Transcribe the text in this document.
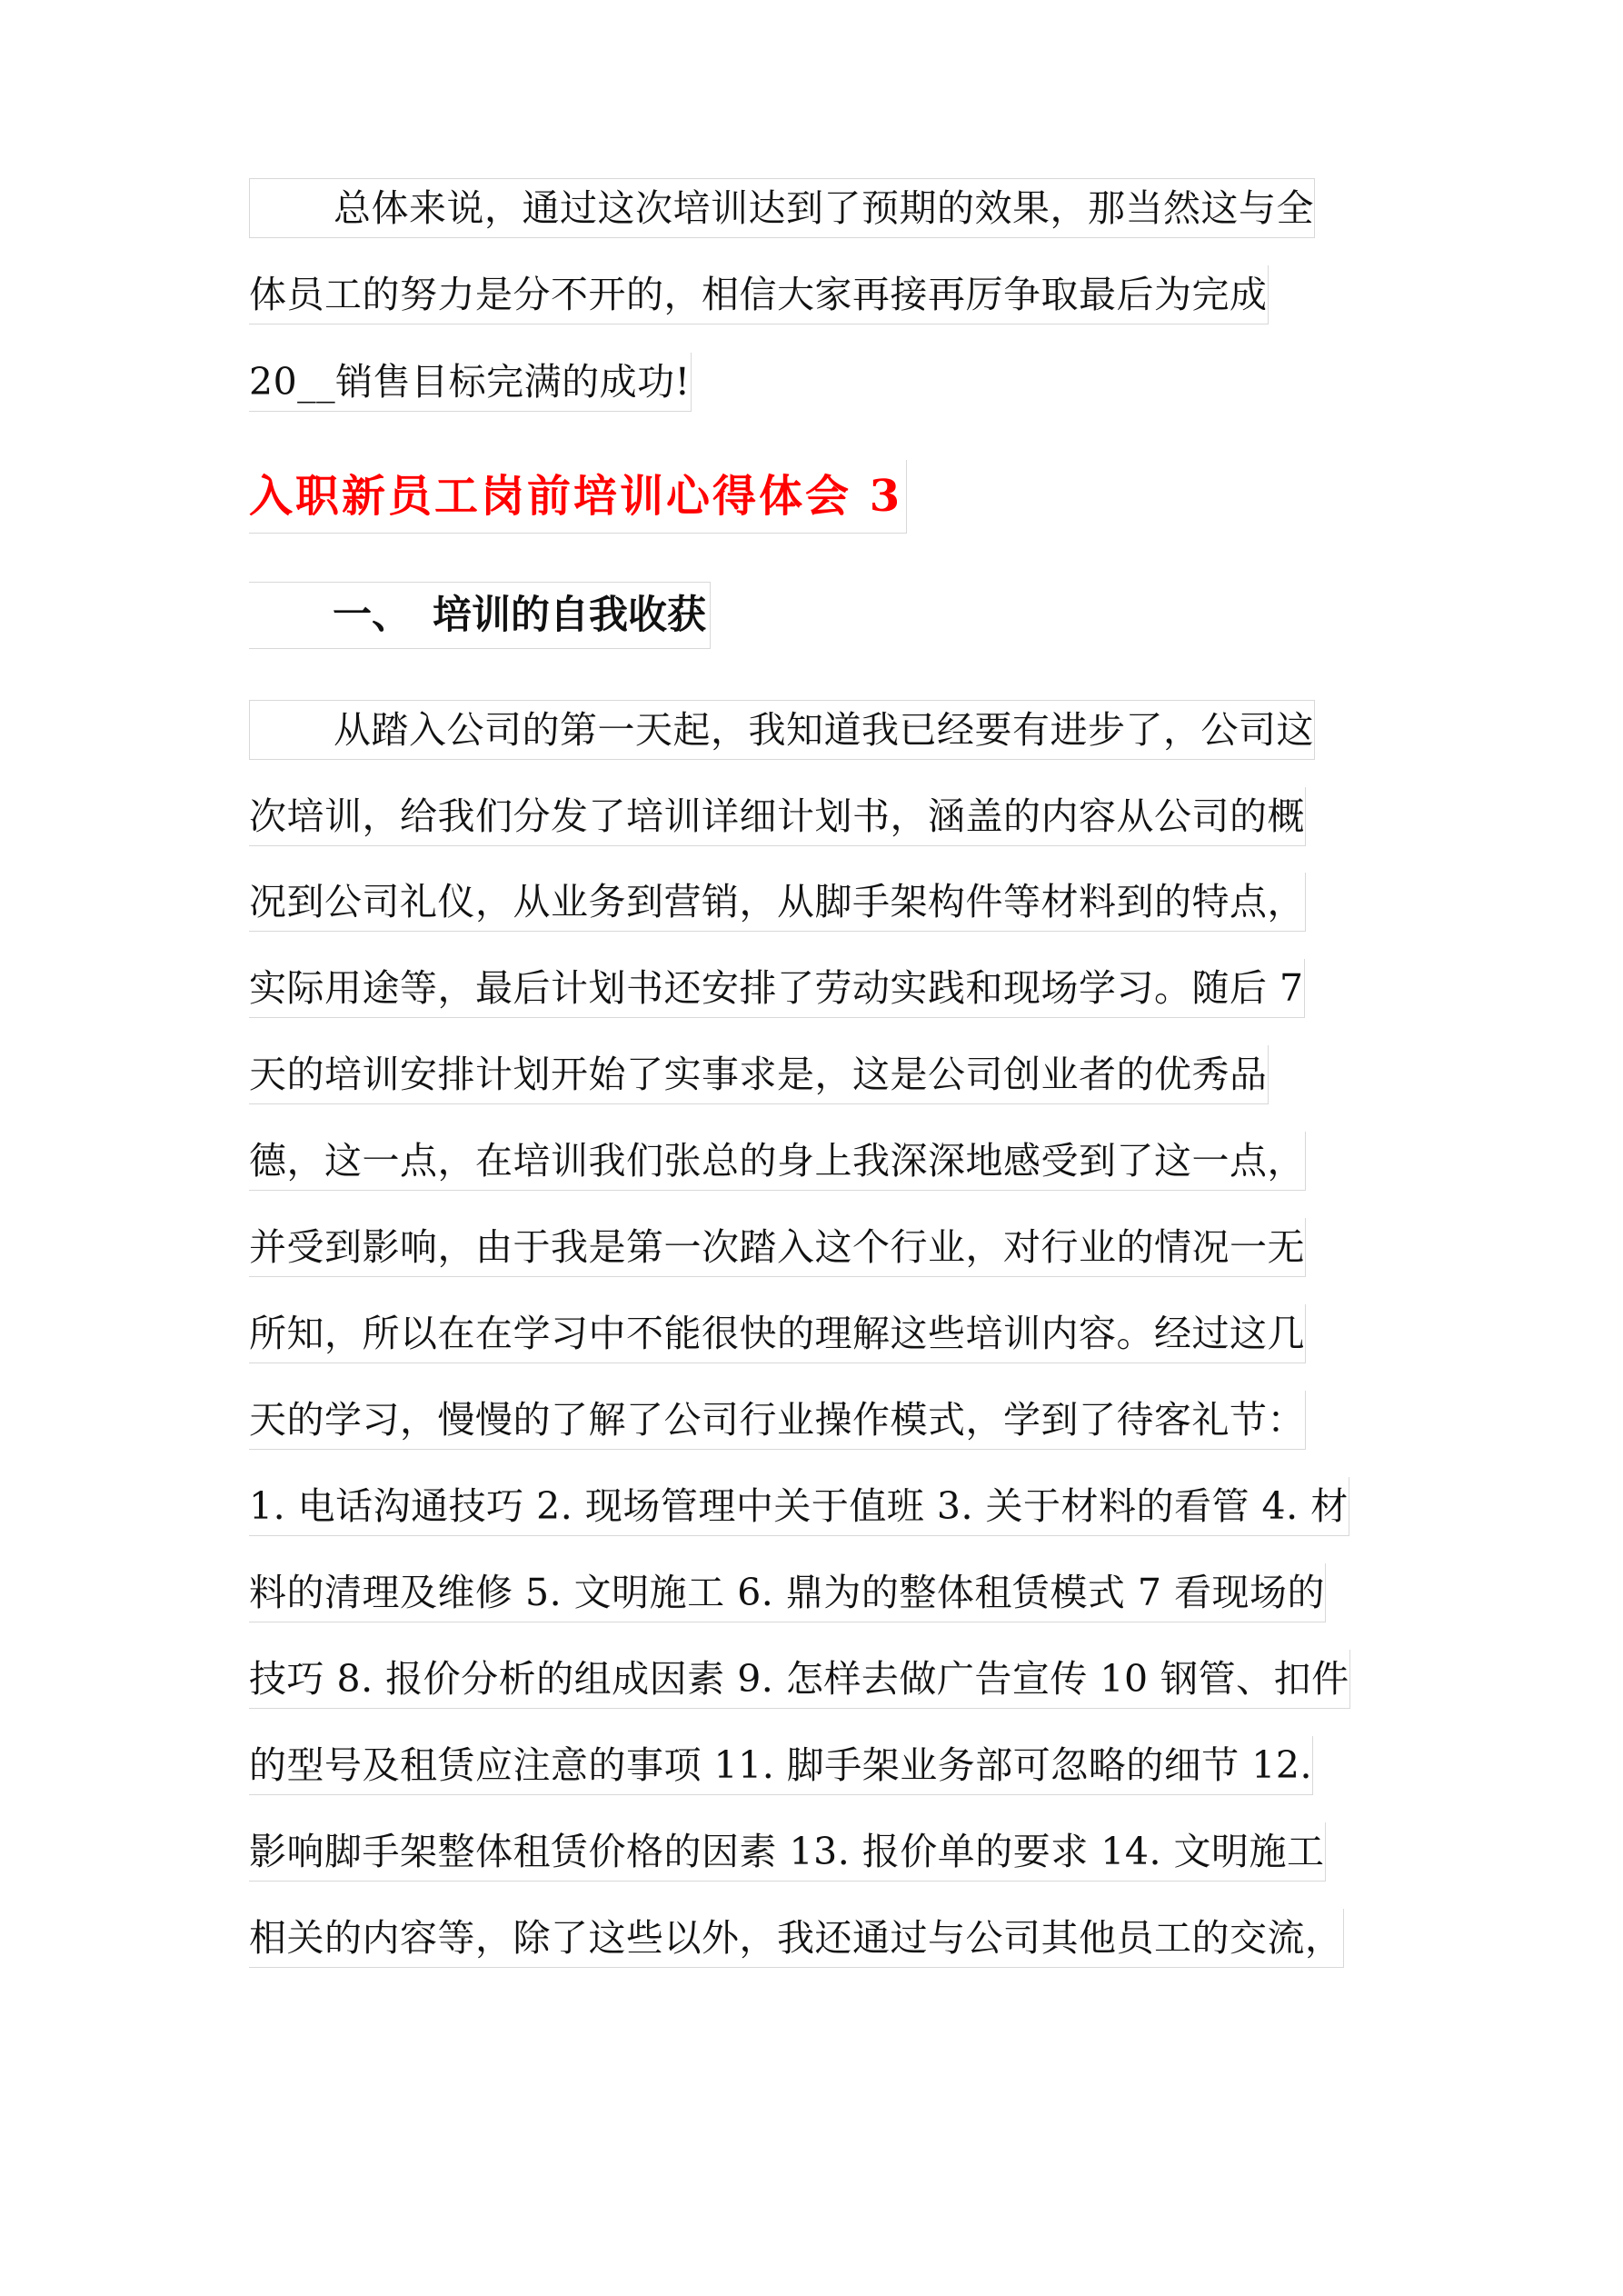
总体来说，通过这次培训达到了预期的效果，那当然这与全
体员工的努力是分不开的，相信大家再接再厉争取最后为完成
20__销售目标完满的成功!
入职新员工岗前培训心得体会 3
一、 培训的自我收获
从踏入公司的第一天起，我知道我已经要有进步了，公司这
次培训，给我们分发了培训详细计划书，涵盖的内容从公司的概
况到公司礼仪，从业务到营销，从脚手架构件等材料到的特点，
实际用途等，最后计划书还安排了劳动实践和现场学习。随后 7
天的培训安排计划开始了实事求是，这是公司创业者的优秀品
德，这一点，在培训我们张总的身上我深深地感受到了这一点，
并受到影响，由于我是第一次踏入这个行业，对行业的情况一无
所知，所以在在学习中不能很快的理解这些培训内容。经过这几
天的学习，慢慢的了解了公司行业操作模式，学到了待客礼节：
1. 电话沟通技巧 2. 现场管理中关于值班 3. 关于材料的看管 4. 材
料的清理及维修 5. 文明施工 6. 鼎为的整体租赁模式 7 看现场的
技巧 8. 报价分析的组成因素 9. 怎样去做广告宣传 10 钢管、扣件
的型号及租赁应注意的事项 11. 脚手架业务部可忽略的细节 12.
影响脚手架整体租赁价格的因素 13. 报价单的要求 14. 文明施工
相关的内容等，除了这些以外，我还通过与公司其他员工的交流，
